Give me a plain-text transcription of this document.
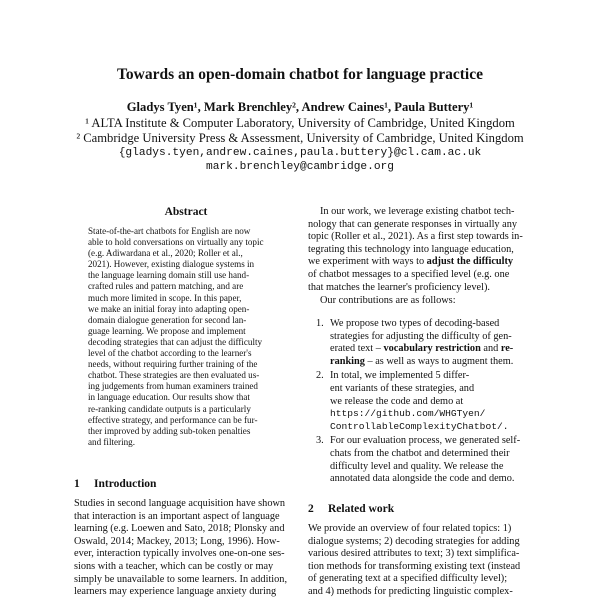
Towards an open-domain chatbot for language practice
Gladys Tyen¹, Mark Brenchley², Andrew Caines¹, Paula Buttery¹
¹ ALTA Institute & Computer Laboratory, University of Cambridge, United Kingdom
² Cambridge University Press & Assessment, University of Cambridge, United Kingdom
{gladys.tyen,andrew.caines,paula.buttery}@cl.cam.ac.uk
mark.brenchley@cambridge.org
Abstract
State-of-the-art chatbots for English are now
able to hold conversations on virtually any topic
(e.g. Adiwardana et al., 2020; Roller et al.,
2021). However, existing dialogue systems in
the language learning domain still use hand-
crafted rules and pattern matching, and are
much more limited in scope. In this paper,
we make an initial foray into adapting open-
domain dialogue generation for second lan-
guage learning. We propose and implement
decoding strategies that can adjust the difficulty
level of the chatbot according to the learner's
needs, without requiring further training of the
chatbot. These strategies are then evaluated us-
ing judgements from human examiners trained
in language education. Our results show that
re-ranking candidate outputs is a particularly
effective strategy, and performance can be fur-
ther improved by adding sub-token penalties
and filtering.
1 Introduction
Studies in second language acquisition have shown
that interaction is an important aspect of language
learning (e.g. Loewen and Sato, 2018; Plonsky and
Oswald, 2014; Mackey, 2013; Long, 1996). How-
ever, interaction typically involves one-on-one ses-
sions with a teacher, which can be costly or may
simply be unavailable to some learners. In addition,
learners may experience language anxiety during
In our work, we leverage existing chatbot tech-
nology that can generate responses in virtually any
topic (Roller et al., 2021). As a first step towards in-
tegrating this technology into language education,
we experiment with ways to adjust the difficulty
of chatbot messages to a specified level (e.g. one
that matches the learner's proficiency level).
Our contributions are as follows:
1. We propose two types of decoding-based
strategies for adjusting the difficulty of gen-
erated text – vocabulary restriction and re-
ranking – as well as ways to augment them.
2. In total, we implemented 5 differ-
ent variants of these strategies, and
we release the code and demo at
https://github.com/WHGTyen/
ControllableComplexityChatbot/.
3. For our evaluation process, we generated self-
chats from the chatbot and determined their
difficulty level and quality. We release the
annotated data alongside the code and demo.
2 Related work
We provide an overview of four related topics: 1)
dialogue systems; 2) decoding strategies for adding
various desired attributes to text; 3) text simplifica-
tion methods for transforming existing text (instead
of generating text at a specified difficulty level);
and 4) methods for predicting linguistic complex-
